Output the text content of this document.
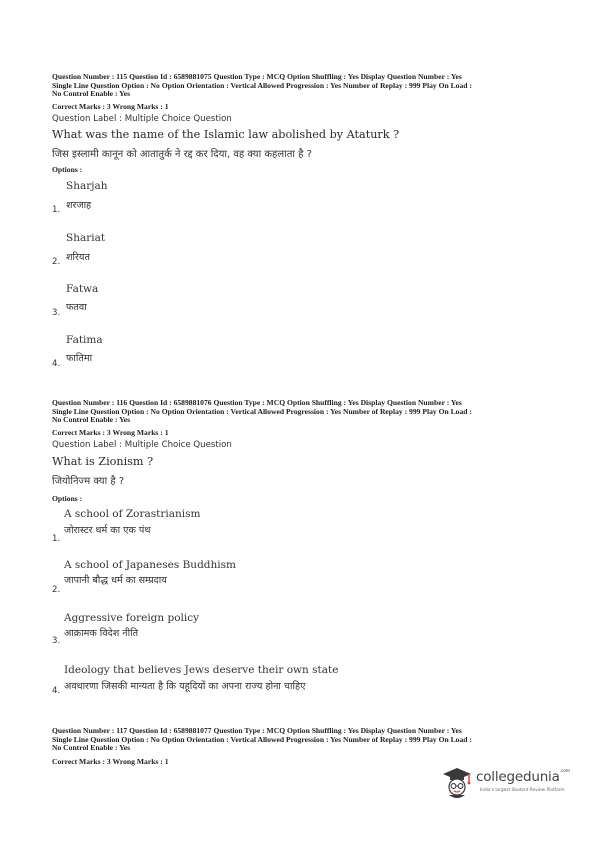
Question Number : 115 Question Id : 6589881075 Question Type : MCQ Option Shuffling : Yes Display Question Number : Yes
Single Line Question Option : No Option Orientation : Vertical Allowed Progression : Yes Number of Replay : 999 Play On Load :
No Control Enable : Yes
Correct Marks : 3 Wrong Marks : 1
Question Label : Multiple Choice Question
What was the name of the Islamic law abolished by Ataturk ?
जिस इस्लामी कानून को आतातुर्क ने रद्द कर दिया, वह क्या कहलाता है ?
Options :
Sharjah
शरजाह
1.
Shariat
शरियत
2.
Fatwa
फतवा
3.
Fatima
फातिमा
4.
Question Number : 116 Question Id : 6589881076 Question Type : MCQ Option Shuffling : Yes Display Question Number : Yes
Single Line Question Option : No Option Orientation : Vertical Allowed Progression : Yes Number of Replay : 999 Play On Load :
No Control Enable : Yes
Correct Marks : 3 Wrong Marks : 1
Question Label : Multiple Choice Question
What is Zionism ?
जियोनिज्म क्या है ?
Options :
A school of Zorastrianism
जोरास्टर धर्म का एक पंथ
1.
A school of Japaneses Buddhism
जापानी बौद्ध धर्म का सम्प्रदाय
2.
Aggressive foreign policy
आक्रामक विदेश नीति
3.
Ideology that believes Jews deserve their own state
अवधारणा जिसकी मान्यता है कि यहूदियों का अपना राज्य होना चाहिए
4.
Question Number : 117 Question Id : 6589881077 Question Type : MCQ Option Shuffling : Yes Display Question Number : Yes
Single Line Question Option : No Option Orientation : Vertical Allowed Progression : Yes Number of Replay : 999 Play On Load :
No Control Enable : Yes
Correct Marks : 3 Wrong Marks : 1
collegedunia$^{.com}$
India's largest Student Review Platform
